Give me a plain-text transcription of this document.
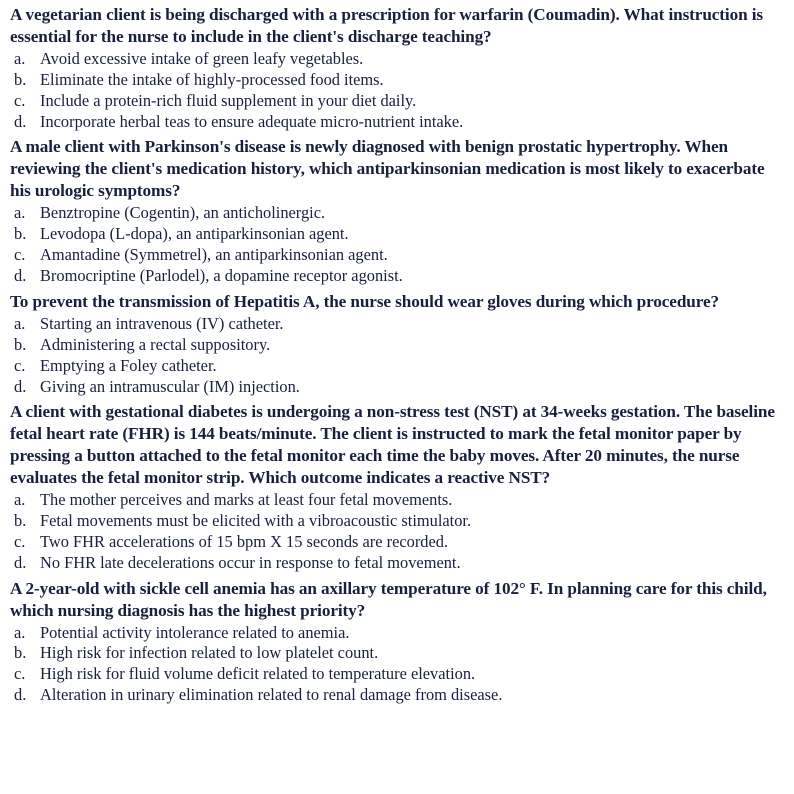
A vegetarian client is being discharged with a prescription for warfarin (Coumadin). What instruction is essential for the nurse to include in the client's discharge teaching?

a. Avoid excessive intake of green leafy vegetables.
b. Eliminate the intake of highly-processed food items.
c. Include a protein-rich fluid supplement in your diet daily.
d. Incorporate herbal teas to ensure adequate micro-nutrient intake.

A male client with Parkinson's disease is newly diagnosed with benign prostatic hypertrophy. When reviewing the client's medication history, which antiparkinsonian medication is most likely to exacerbate his urologic symptoms?

a. Benztropine (Cogentin), an anticholinergic.
b. Levodopa (L-dopa), an antiparkinsonian agent.
c. Amantadine (Symmetrel), an antiparkinsonian agent.
d. Bromocriptine (Parlodel), a dopamine receptor agonist.

To prevent the transmission of Hepatitis A, the nurse should wear gloves during which procedure?

a. Starting an intravenous (IV) catheter.
b. Administering a rectal suppository.
c. Emptying a Foley catheter.
d. Giving an intramuscular (IM) injection.

A client with gestational diabetes is undergoing a non-stress test (NST) at 34-weeks gestation. The baseline fetal heart rate (FHR) is 144 beats/minute. The client is instructed to mark the fetal monitor paper by pressing a button attached to the fetal monitor each time the baby moves. After 20 minutes, the nurse evaluates the fetal monitor strip. Which outcome indicates a reactive NST?

a. The mother perceives and marks at least four fetal movements.
b. Fetal movements must be elicited with a vibroacoustic stimulator.
c. Two FHR accelerations of 15 bpm X 15 seconds are recorded.
d. No FHR late decelerations occur in response to fetal movement.

A 2-year-old with sickle cell anemia has an axillary temperature of 102° F. In planning care for this child, which nursing diagnosis has the highest priority?

a. Potential activity intolerance related to anemia.
b. High risk for infection related to low platelet count.
c. High risk for fluid volume deficit related to temperature elevation.
d. Alteration in urinary elimination related to renal damage from disease.
